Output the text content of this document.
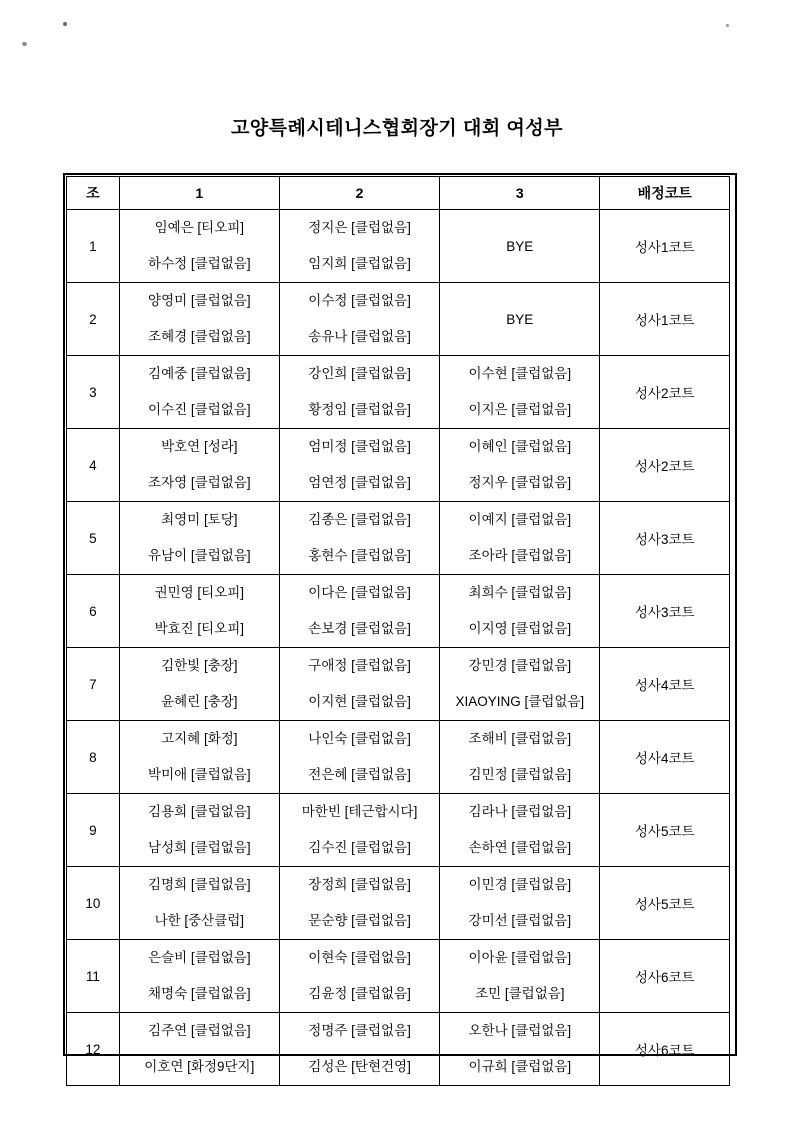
고양특례시테니스협회장기 대회 여성부
조	1	2	3	배정코트
1	임예은 [티오피]	정지은 [클럽없음]	BYE	성사1코트
	하수정 [클럽없음]	임지희 [클럽없음]		
2	양영미 [클럽없음]	이수정 [클럽없음]	BYE	성사1코트
	조혜경 [클럽없음]	송유나 [클럽없음]		
3	김예중 [클럽없음]	강인희 [클럽없음]	이수현 [클럽없음]	성사2코트
	이수진 [클럽없음]	황정임 [클럽없음]	이지은 [클럽없음]	
4	박호연 [성라]	엄미정 [클럽없음]	이혜인 [클럽없음]	성사2코트
	조자영 [클럽없음]	엄연정 [클럽없음]	정지우 [클럽없음]	
5	최영미 [토당]	김종은 [클럽없음]	이예지 [클럽없음]	성사3코트
	유남이 [클럽없음]	홍현수 [클럽없음]	조아라 [클럽없음]	
6	권민영 [티오피]	이다은 [클럽없음]	최희수 [클럽없음]	성사3코트
	박효진 [티오피]	손보경 [클럽없음]	이지영 [클럽없음]	
7	김한빛 [충장]	구애정 [클럽없음]	강민경 [클럽없음]	성사4코트
	윤혜린 [충장]	이지현 [클럽없음]	XIAOYING [클럽없음]	
8	고지혜 [화정]	나인숙 [클럽없음]	조해비 [클럽없음]	성사4코트
	박미애 [클럽없음]	전은혜 [클럽없음]	김민정 [클럽없음]	
9	김용희 [클럽없음]	마한빈 [테근합시다]	김라나 [클럽없음]	성사5코트
	남성희 [클럽없음]	김수진 [클럽없음]	손하연 [클럽없음]	
10	김명희 [클럽없음]	장정희 [클럽없음]	이민경 [클럽없음]	성사5코트
	나한 [중산클럽]	문순향 [클럽없음]	강미선 [클럽없음]	
11	은슬비 [클럽없음]	이현숙 [클럽없음]	이아윤 [클럽없음]	성사6코트
	채명숙 [클럽없음]	김윤정 [클럽없음]	조민 [클럽없음]	
12	김주연 [클럽없음]	정명주 [클럽없음]	오한나 [클럽없음]	성사6코트
	이호연 [화정9단지]	김성은 [탄현건영]	이규희 [클럽없음]	
